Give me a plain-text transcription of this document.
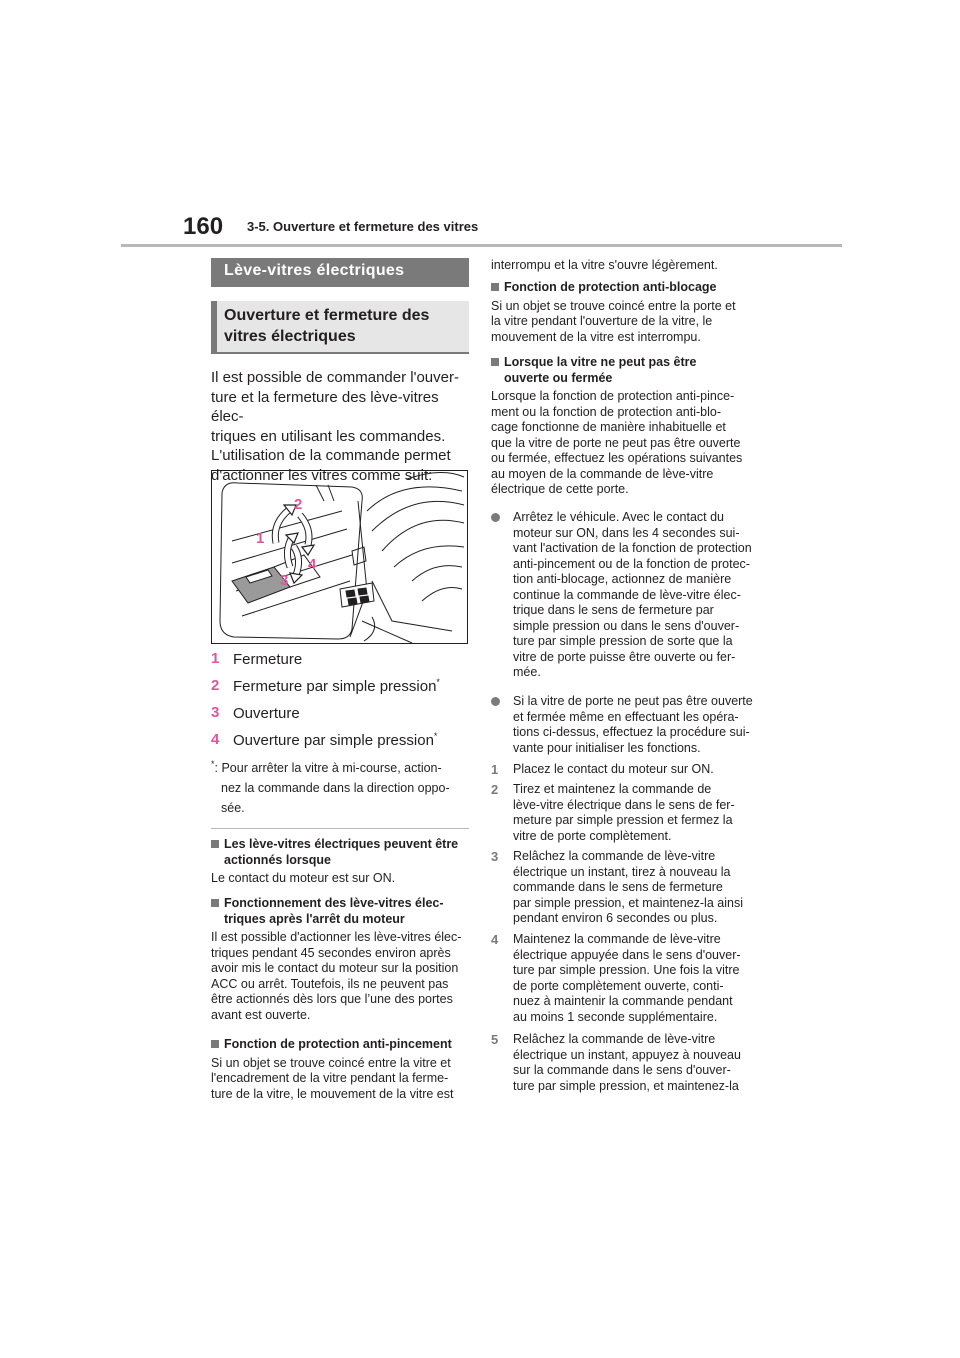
160 3-5. Ouverture et fermeture des vitres
Lève-vitres électriques
Ouverture et fermeture des vitres électriques
Il est possible de commander l'ouver-
ture et la fermeture des lève-vitres élec-
triques en utilisant les commandes.
L'utilisation de la commande permet
d'actionner les vitres comme suit:
1
2
3
4
1 Fermeture
2 Fermeture par simple pression*
3 Ouverture
4 Ouverture par simple pression*
*: Pour arrêter la vitre à mi-course, action-
nez la commande dans la direction oppo-
sée.
Les lève-vitres électriques peuvent être
actionnés lorsque
Le contact du moteur est sur ON.
Fonctionnement des lève-vitres élec-
triques après l'arrêt du moteur
Il est possible d'actionner les lève-vitres élec-
triques pendant 45 secondes environ après
avoir mis le contact du moteur sur la position
ACC ou arrêt. Toutefois, ils ne peuvent pas
être actionnés dès lors que l’une des portes
avant est ouverte.
Fonction de protection anti-pincement
Si un objet se trouve coincé entre la vitre et
l'encadrement de la vitre pendant la ferme-
ture de la vitre, le mouvement de la vitre est
interrompu et la vitre s'ouvre légèrement.
Fonction de protection anti-blocage
Si un objet se trouve coincé entre la porte et
la vitre pendant l'ouverture de la vitre, le
mouvement de la vitre est interrompu.
Lorsque la vitre ne peut pas être
ouverte ou fermée
Lorsque la fonction de protection anti-pince-
ment ou la fonction de protection anti-blo-
cage fonctionne de manière inhabituelle et
que la vitre de porte ne peut pas être ouverte
ou fermée, effectuez les opérations suivantes
au moyen de la commande de lève-vitre
électrique de cette porte.
Arrêtez le véhicule. Avec le contact du
moteur sur ON, dans les 4 secondes sui-
vant l'activation de la fonction de protection
anti-pincement ou de la fonction de protec-
tion anti-blocage, actionnez de manière
continue la commande de lève-vitre élec-
trique dans le sens de fermeture par
simple pression ou dans le sens d'ouver-
ture par simple pression de sorte que la
vitre de porte puisse être ouverte ou fer-
mée.
Si la vitre de porte ne peut pas être ouverte
et fermée même en effectuant les opéra-
tions ci-dessus, effectuez la procédure sui-
vante pour initialiser les fonctions.
1 Placez le contact du moteur sur ON.
2 Tirez et maintenez la commande de
lève-vitre électrique dans le sens de fer-
meture par simple pression et fermez la
vitre de porte complètement.
3 Relâchez la commande de lève-vitre
électrique un instant, tirez à nouveau la
commande dans le sens de fermeture
par simple pression, et maintenez-la ainsi
pendant environ 6 secondes ou plus.
4 Maintenez la commande de lève-vitre
électrique appuyée dans le sens d'ouver-
ture par simple pression. Une fois la vitre
de porte complètement ouverte, conti-
nuez à maintenir la commande pendant
au moins 1 seconde supplémentaire.
5 Relâchez la commande de lève-vitre
électrique un instant, appuyez à nouveau
sur la commande dans le sens d'ouver-
ture par simple pression, et maintenez-la
